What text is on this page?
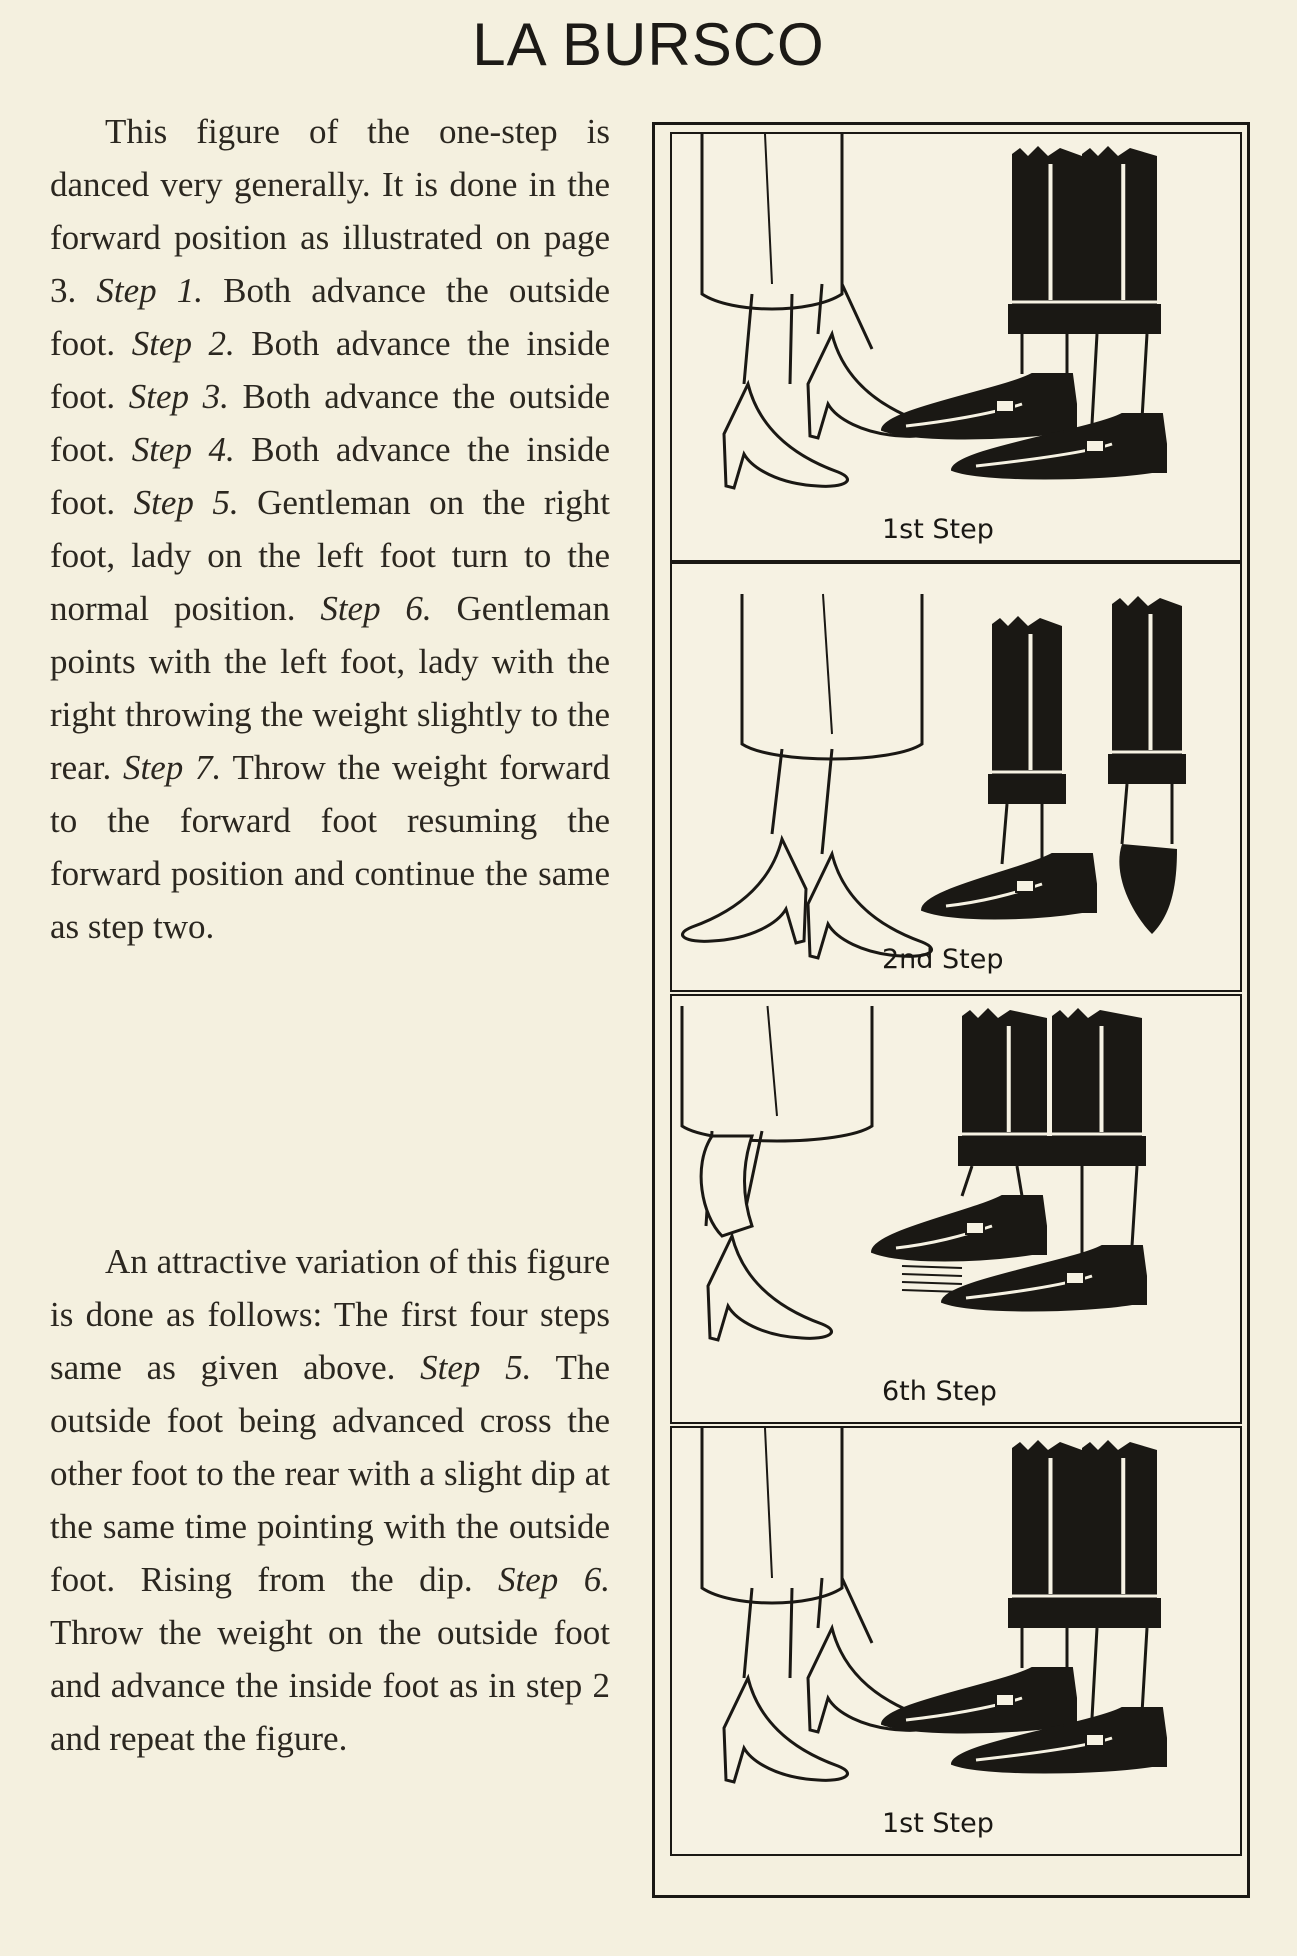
LA BURSCO

This figure of the one-step is danced very generally. It is done in the forward position as illustrated on page 3. Step 1. Both advance the outside foot. Step 2. Both advance the inside foot. Step 3. Both advance the outside foot. Step 4. Both advance the inside foot. Step 5. Gentleman on the right foot, lady on the left foot turn to the normal position. Step 6. Gentleman points with the left foot, lady with the right throwing the weight slightly to the rear. Step 7. Throw the weight forward to the forward foot resuming the forward position and continue the same as step two.

An attractive variation of this figure is done as follows: The first four steps same as given above. Step 5. The outside foot being advanced cross the other foot to the rear with a slight dip at the same time pointing with the outside foot. Rising from the dip. Step 6. Throw the weight on the outside foot and advance the inside foot as in step 2 and repeat the figure.

1st Step
2nd Step
6th Step
1st Step
